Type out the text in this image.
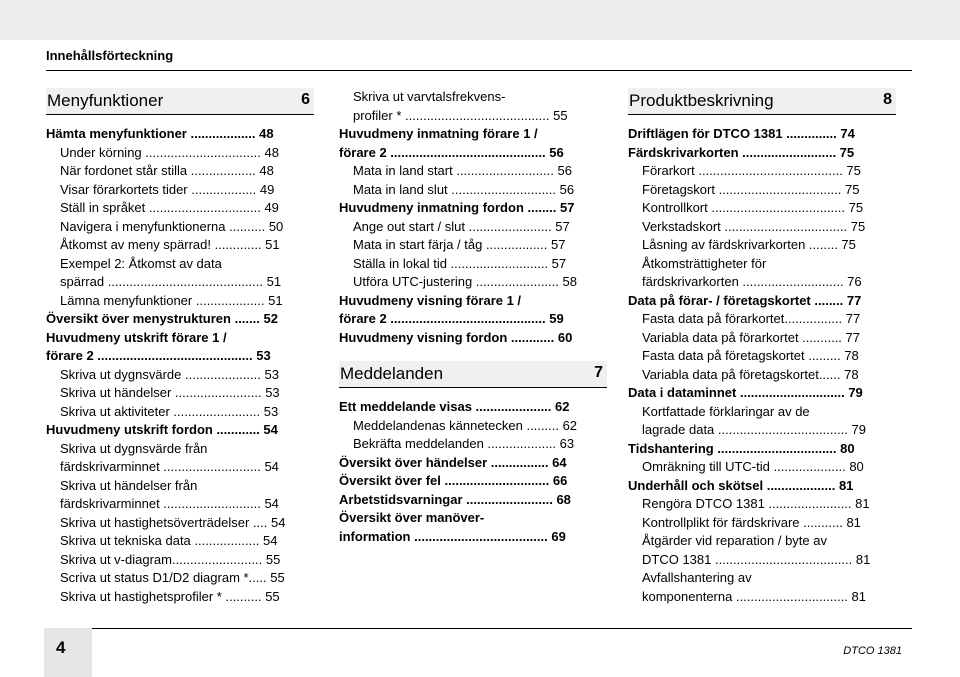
Innehållsförteckning
Menyfunktioner	6
Hämta menyfunktioner .................. 48
Under körning ................................ 48
När fordonet står stilla .................. 48
Visar förarkortets tider .................. 49
Ställ in språket ............................... 49
Navigera i menyfunktionerna .......... 50
Åtkomst av meny spärrad! ............. 51
Exempel 2: Åtkomst av data
spärrad ........................................... 51
Lämna menyfunktioner ................... 51
Översikt över menystrukturen ....... 52
Huvudmeny utskrift förare 1 /
förare 2 ........................................... 53
Skriva ut dygnsvärde ..................... 53
Skriva ut händelser ........................ 53
Skriva ut aktiviteter ........................ 53
Huvudmeny utskrift fordon ............ 54
Skriva ut dygnsvärde från
färdskrivarminnet ........................... 54
Skriva ut händelser från
färdskrivarminnet ........................... 54
Skriva ut hastighetsöverträdelser .... 54
Skriva ut tekniska data .................. 54
Skriva ut v-diagram......................... 55
Scriva ut status D1/D2 diagram *..... 55
Skriva ut hastighetsprofiler * .......... 55
Skriva ut varvtalsfrekvens-
profiler * ........................................ 55
Huvudmeny inmatning förare 1 /
förare 2 ........................................... 56
Mata in land start ........................... 56
Mata in land slut ............................. 56
Huvudmeny inmatning fordon ........ 57
Ange out start / slut ....................... 57
Mata in start färja / tåg ................. 57
Ställa in lokal tid ........................... 57
Utföra UTC-justering ....................... 58
Huvudmeny visning förare 1 /
förare 2 ........................................... 59
Huvudmeny visning fordon ............ 60
Meddelanden	7
Ett meddelande visas ..................... 62
Meddelandenas kännetecken ......... 62
Bekräfta meddelanden ................... 63
Översikt över händelser ................ 64
Översikt över fel ............................. 66
Arbetstidsvarningar ........................ 68
Översikt över manöver-
information ..................................... 69
Produktbeskrivning	8
Driftlägen för DTCO 1381 .............. 74
Färdskrivarkorten .......................... 75
Förarkort ........................................ 75
Företagskort .................................. 75
Kontrollkort ..................................... 75
Verkstadskort .................................. 75
Låsning av färdskrivarkorten ........ 75
Åtkomsträttigheter för
färdskrivarkorten ............................ 76
Data på förar- / företagskortet ........ 77
Fasta data på förarkortet................ 77
Variabla data på förarkortet ........... 77
Fasta data på företagskortet ......... 78
Variabla data på företagskortet...... 78
Data i dataminnet ............................. 79
Kortfattade förklaringar av de
lagrade data .................................... 79
Tidshantering ................................. 80
Omräkning till UTC-tid .................... 80
Underhåll och skötsel ................... 81
Rengöra DTCO 1381 ....................... 81
Kontrollplikt för färdskrivare ........... 81
Åtgärder vid reparation / byte av
DTCO 1381 ...................................... 81
Avfallshantering av
komponenterna ............................... 81
4	DTCO 1381
